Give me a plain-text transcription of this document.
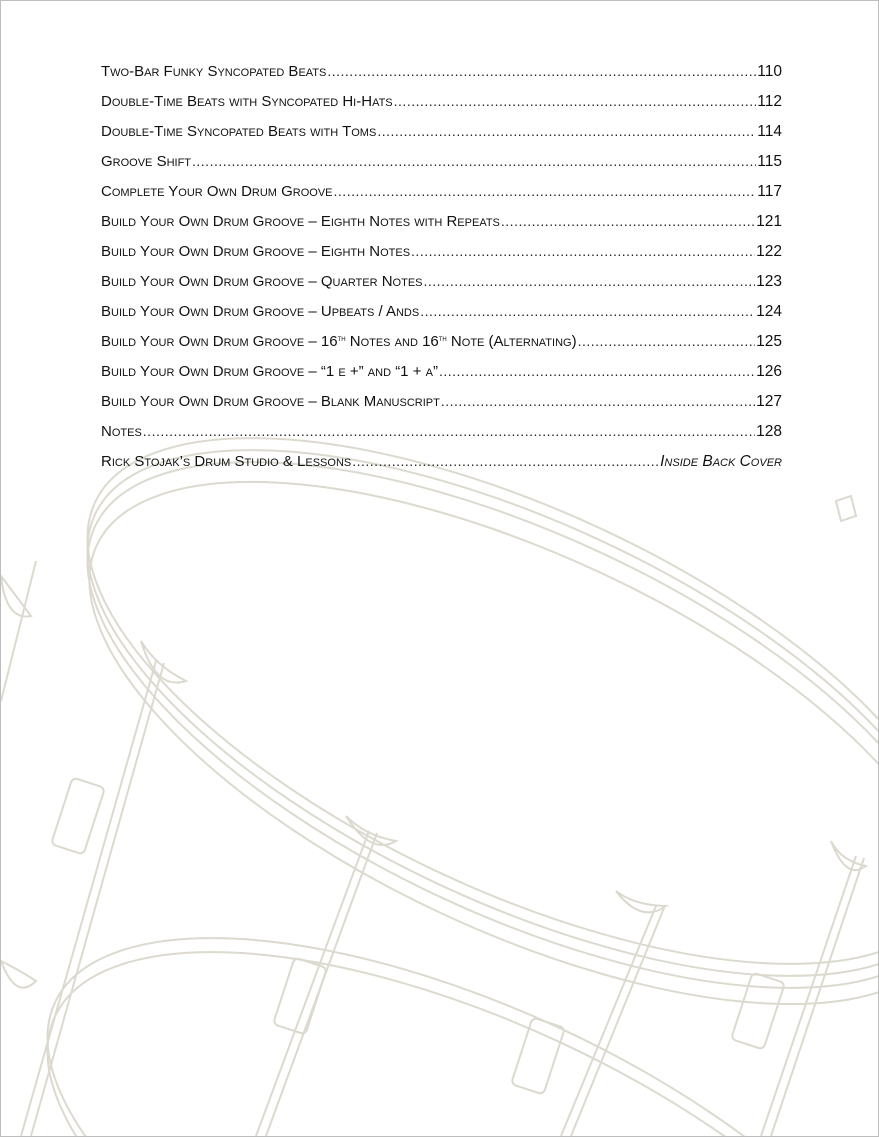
Two-Bar Funky Syncopated Beats .....	110
Double-Time Beats with Syncopated Hi-Hats .....	112
Double-Time Syncopated Beats with Toms .....	114
Groove Shift .....	115
Complete Your Own Drum Groove .....	117
Build Your Own Drum Groove – Eighth Notes with Repeats .....	121
Build Your Own Drum Groove – Eighth Notes .....	122
Build Your Own Drum Groove – Quarter Notes .....	123
Build Your Own Drum Groove – Upbeats / Ands .....	124
Build Your Own Drum Groove – 16th Notes and 16th Note (Alternating) .....	125
Build Your Own Drum Groove – “1 e +” and “1 + a” .....	126
Build Your Own Drum Groove – Blank Manuscript .....	127
Notes .....	128
Rick Stojak’s Drum Studio & Lessons .....	Inside Back Cover
